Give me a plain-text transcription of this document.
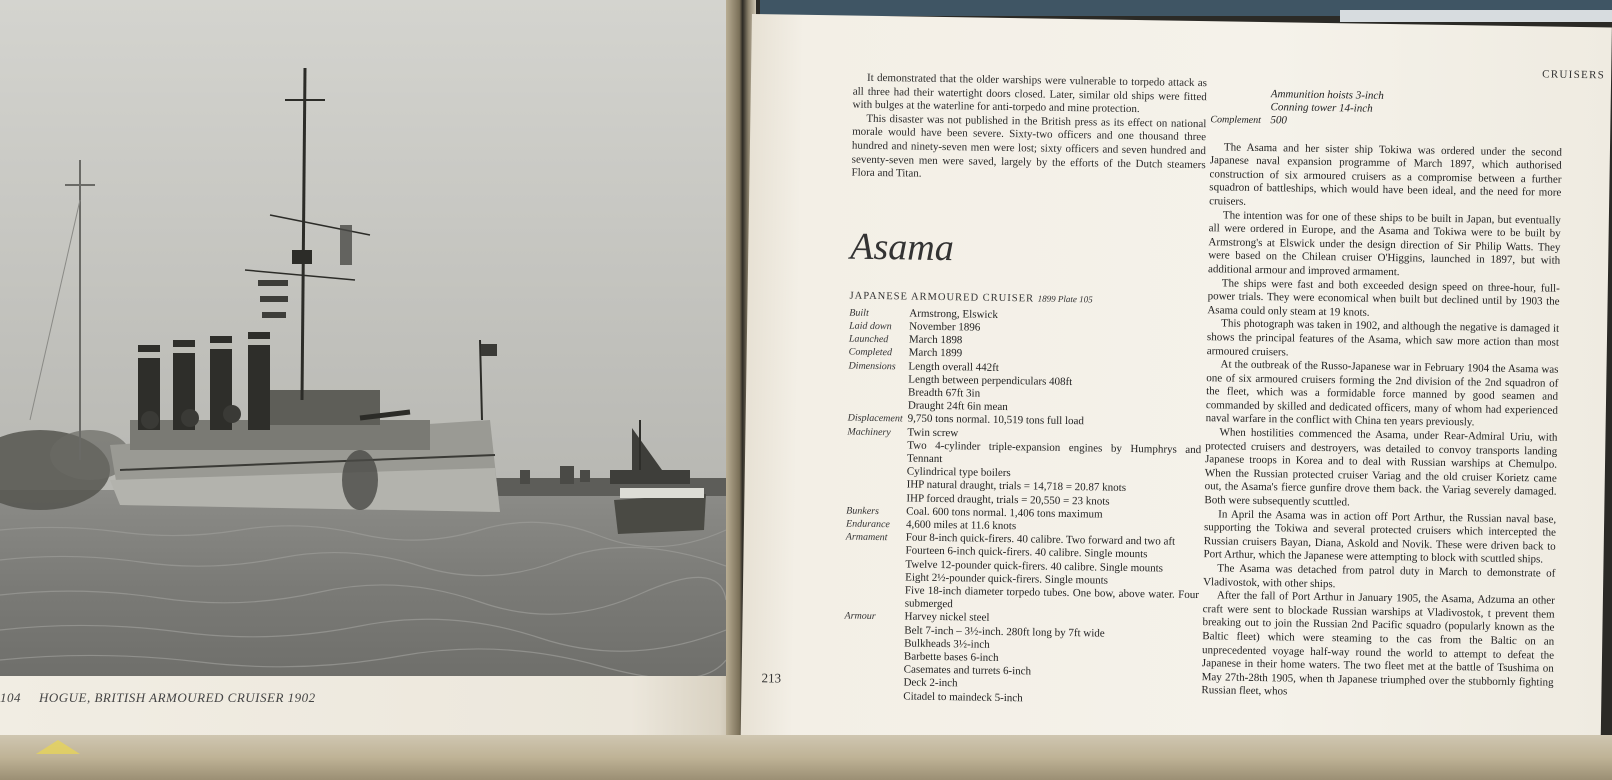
104 HOGUE, BRITISH ARMOURED CRUISER 1902
CRUISERS

It demonstrated that the older warships were vulnerable to torpedo attack as all three had their watertight doors closed. Later, similar old ships were fitted with bulges at the waterline for anti-torpedo and mine protection.

This disaster was not published in the British press as its effect on national morale would have been severe. Sixty-two officers and one thousand three hundred and ninety-seven men were lost; sixty officers and seven hundred and seventy-seven men were saved, largely by the efforts of the Dutch steamers Flora and Titan.

Asama
JAPANESE ARMOURED CRUISER 1899 Plate 105
Built	Armstrong, Elswick
Laid down	November 1896
Launched	March 1898
Completed	March 1899
Dimensions	Length overall 442ft
Length between perpendiculars 408ft
Breadth 67ft 3in
Draught 24ft 6in mean
Displacement 9,750 tons normal. 10,519 tons full load
Machinery	Twin screw
Two 4-cylinder triple-expansion engines by Humphrys and Tennant
Cylindrical type boilers
IHP natural draught, trials = 14,718 = 20.87 knots
IHP forced draught, trials = 20,550 = 23 knots
Bunkers	Coal. 600 tons normal. 1,406 tons maximum
Endurance	4,600 miles at 11.6 knots
Armament	Four 8-inch quick-firers. 40 calibre. Two forward and two aft
Fourteen 6-inch quick-firers. 40 calibre. Single mounts
Twelve 12-pounder quick-firers. 40 calibre. Single mounts
Eight 2½-pounder quick-firers. Single mounts
Five 18-inch diameter torpedo tubes. One bow, above water. Four submerged
Armour	Harvey nickel steel
Belt 7-inch – 3½-inch. 280ft long by 7ft wide
Bulkheads 3½-inch
Barbette bases 6-inch
Casemates and turrets 6-inch
Deck 2-inch
Citadel to maindeck 5-inch
Ammunition hoists 3-inch
Conning tower 14-inch
Complement 500

The Asama and her sister ship Tokiwa was ordered under the second Japanese naval expansion programme of March 1897, which authorised construction of six armoured cruisers as a compromise between a further squadron of battleships, which would have been ideal, and the need for more cruisers.

The intention was for one of these ships to be built in Japan, but eventually all were ordered in Europe, and the Asama and Tokiwa were to be built by Armstrong's at Elswick under the design direction of Sir Philip Watts. They were based on the Chilean cruiser O'Higgins, launched in 1897, but with additional armour and improved armament.

The ships were fast and both exceeded design speed on three-hour, full-power trials. They were economical when built but declined until by 1903 the Asama could only steam at 19 knots.

This photograph was taken in 1902, and although the negative is damaged it shows the principal features of the Asama, which saw more action than most armoured cruisers.

At the outbreak of the Russo-Japanese war in February 1904 the Asama was one of six armoured cruisers forming the 2nd division of the 2nd squadron of the fleet, which was a formidable force manned by good seamen and commanded by skilled and dedicated officers, many of whom had experienced naval warfare in the conflict with China ten years previously.

When hostilities commenced the Asama, under Rear-Admiral Uriu, with protected cruisers and destroyers, was detailed to convoy transports landing Japanese troops in Korea and to deal with Russian warships at Chemulpo. When the Russian protected cruiser Variag and the old cruiser Korietz came out, the Asama's fierce gunfire drove them back. the Variag severely damaged. Both were subsequently scuttled.

In April the Asama was in action off Port Arthur, the Russian naval base, supporting the Tokiwa and several protected cruisers which intercepted the Russian cruisers Bayan, Diana, Askold and Novik. These were driven back to Port Arthur, which the Japanese were attempting to block with scuttled ships.

The Asama was detached from patrol duty in March to demonstrate of Vladivostok, with other ships.

After the fall of Port Arthur in January 1905, the Asama, Adzuma an other craft were sent to blockade Russian warships at Vladivostok, t prevent them breaking out to join the Russian 2nd Pacific squadro (popularly known as the Baltic fleet) which were steaming to the cas from the Baltic on an unprecedented voyage half-way round the world to attempt to defeat the Japanese in their home waters. The two fleet met at the battle of Tsushima on May 27th-28th 1905, when th Japanese triumphed over the stubbornly fighting Russian fleet, whos

213
